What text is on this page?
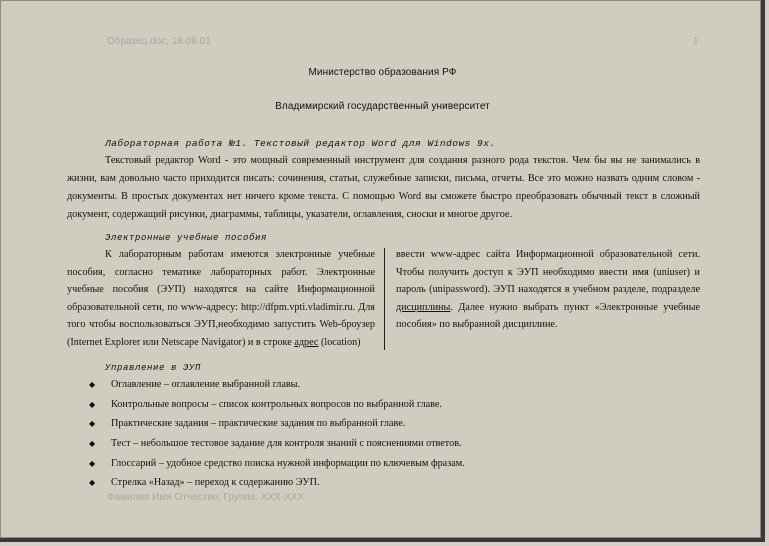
Образец.doc, 18.09.01	1
Министерство образования РФ
Владимирский государственный университет
Лабораторная работа №1. Текстовый редактор Word для Windows 9x.

Текстовый редактор Word - это мощный современный инструмент для создания разного рода текстов. Чем бы вы не занимались в жизни, вам довольно часто приходится писать: сочинения, статьи, служебные записки, письма, отчеты. Все это можно назвать одним словом - документы. В простых документах нет ничего кроме текста. С помощью Word вы сможете быстро преобразовать обычный текст в сложный документ, содержащий рисунки, диаграммы, таблицы, указатели, оглавления, сноски и многое другое.

Электронные учебные пособия

К лабораторным работам имеются электронные учебные пособия, согласно тематике лабораторных работ. Электронные учебные пособия (ЭУП) находятся на сайте Информационной образовательной сети, по www-адресу: http://dfpm.vpti.vladimir.ru. Для того чтобы воспользоваться ЭУП,необходимо запустить Web-броузер (Internet Explorer или Netscape Navigator) и в строке адрес (location)

ввести www-адрес сайта Информационной образовательной сети. Чтобы получить доступ к ЭУП необходимо ввести имя (uniuser) и пароль (unipassword). ЭУП находятся в учебном разделе, подразделе дисциплины. Далее нужно выбрать пункт «Электронные учебные пособия» по выбранной дисциплине.

Управление в ЭУП
◆	Оглавление – оглавление выбранной главы.
◆	Контрольные вопросы – список контрольных вопросов по выбранной главе.
◆	Практические задания – практические задания по выбранной главе.
◆	Тест – небольшое тестовое задание для контроля знаний с пояснениями ответов.
◆	Глоссарий – удобное средство поиска нужной информации по ключевым фразам.
◆	Стрелка «Назад» – переход к содержанию ЭУП.
Фамилия Имя Отчество, Группа: ХХХ-ХХХ
